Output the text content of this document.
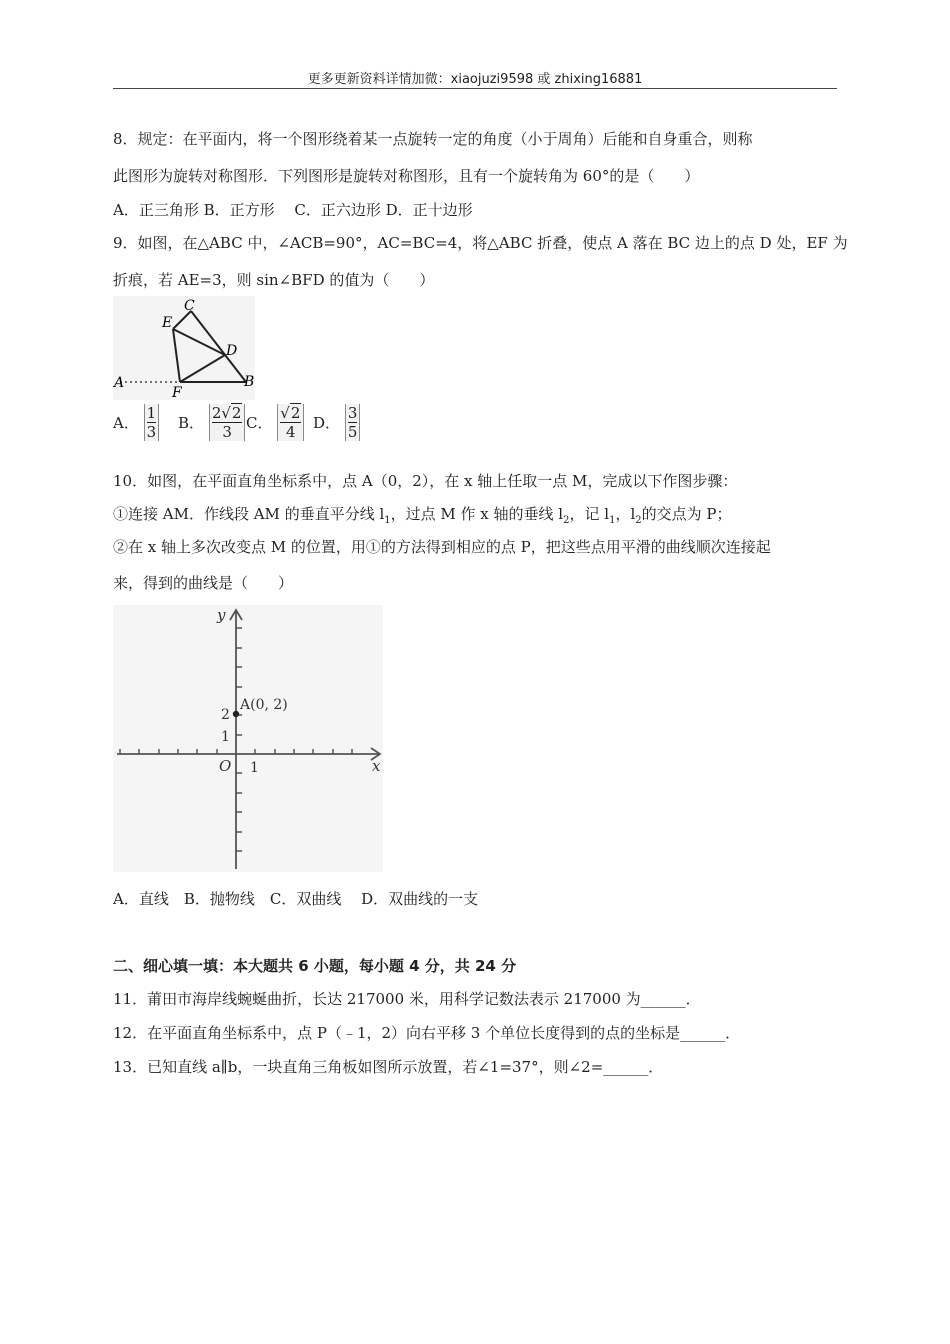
更多更新资料详情加微：xiaojuzi9598 或 zhixing16881
8．规定：在平面内，将一个图形绕着某一点旋转一定的角度（小于周角）后能和自身重合，则称
此图形为旋转对称图形．下列图形是旋转对称图形，且有一个旋转角为 60°的是（　　）
A．正三角形 B．正方形　 C．正六边形 D．正十边形
9．如图，在△ABC 中，∠ACB=90°，AC=BC=4，将△ABC 折叠，使点 A 落在 BC 边上的点 D 处，EF 为
折痕，若 AE=3，则 sin∠BFD 的值为（　　）
C
E
D
A
F
B
A． $\frac{1}{3}$ B． $\frac{2√2}{3}$ C． $\frac{√2}{4}$ D． $\frac{3}{5}$
10．如图，在平面直角坐标系中，点 A（0，2），在 x 轴上任取一点 M，完成以下作图步骤：
①连接 AM．作线段 AM 的垂直平分线 $l_1$，过点 M 作 x 轴的垂线 $l_2$，记 $l_1$，$l_2$的交点为 P；
②在 x 轴上多次改变点 M 的位置，用①的方法得到相应的点 P，把这些点用平滑的曲线顺次连接起
来，得到的曲线是（　　）
y
x
O 1
1
2
A(0, 2)
A．直线　B．抛物线　C．双曲线　 D．双曲线的一支
二、细心填一填：本大题共 6 小题，每小题 4 分，共 24 分
11．莆田市海岸线蜿蜒曲折，长达 217000 米，用科学记数法表示 217000 为______．
12．在平面直角坐标系中，点 P（﹣1，2）向右平移 3 个单位长度得到的点的坐标是______．
13．已知直线 a∥b，一块直角三角板如图所示放置，若∠1=37°，则∠2=______．
